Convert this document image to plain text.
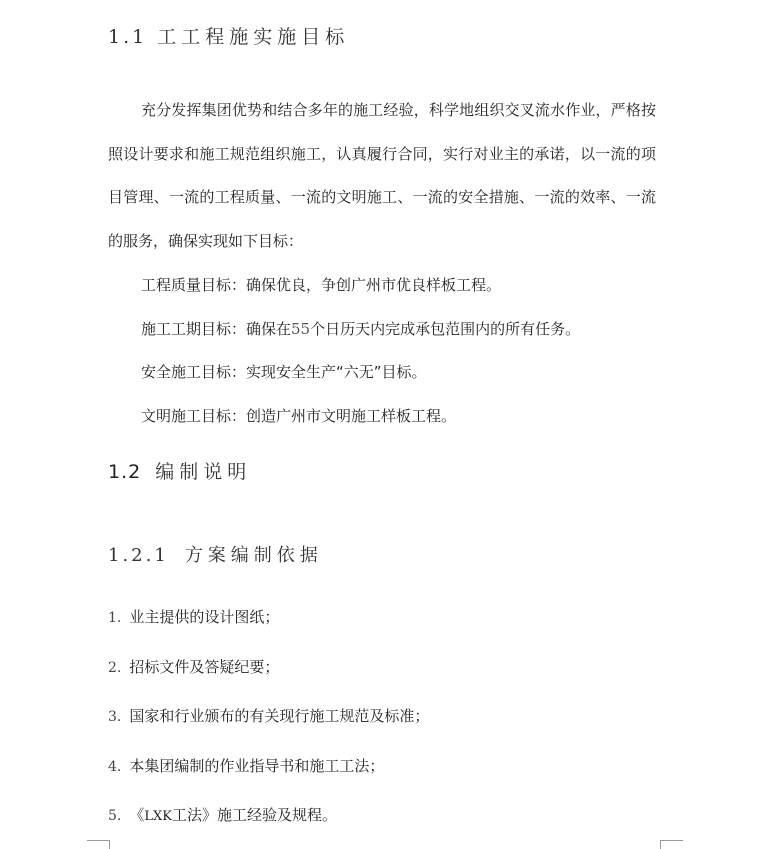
1.1 工工程施实施目标
充分发挥集团优势和结合多年的施工经验，科学地组织交叉流水作业，严格按照设计要求和施工规范组织施工，认真履行合同，实行对业主的承诺，以一流的项目管理、一流的工程质量、一流的文明施工、一流的安全措施、一流的效率、一流的服务，确保实现如下目标：
工程质量目标：确保优良，争创广州市优良样板工程。
施工工期目标：确保在55个日历天内完成承包范围内的所有任务。
安全施工目标：实现安全生产“六无”目标。
文明施工目标：创造广州市文明施工样板工程。
1.2 编制说明
1.2.1 方案编制依据
1. 业主提供的设计图纸；
2. 招标文件及答疑纪要；
3. 国家和行业颁布的有关现行施工规范及标准；
4. 本集团编制的作业指导书和施工工法；
5. 《LXK工法》施工经验及规程。
